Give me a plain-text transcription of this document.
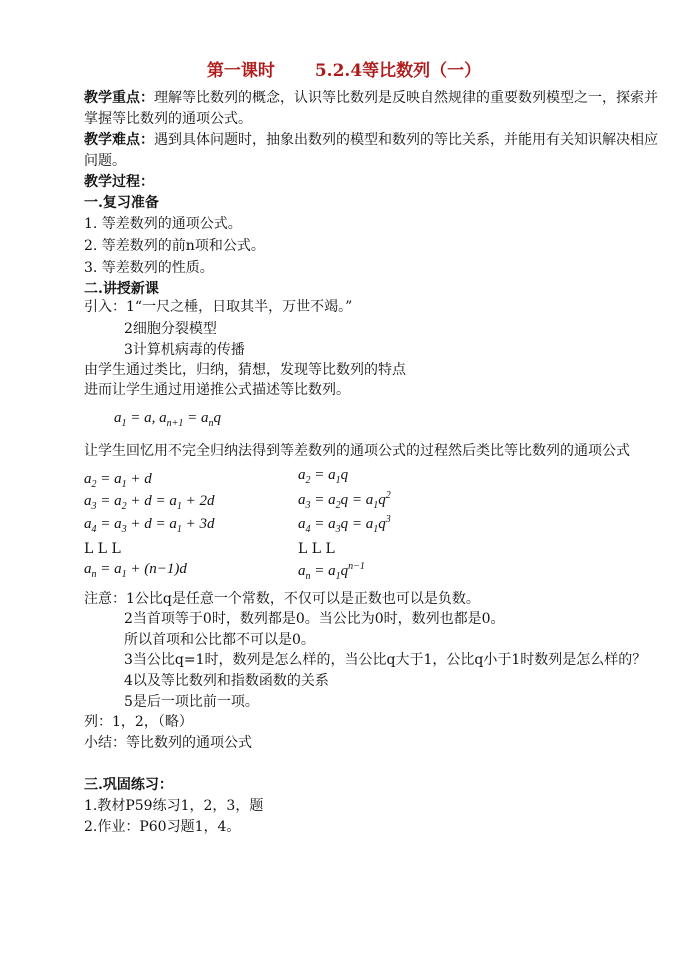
第一课时 5.2.4等比数列（一）
教学重点：理解等比数列的概念，认识等比数列是反映自然规律的重要数列模型之一，探索并
掌握等比数列的通项公式。
教学难点：遇到具体问题时，抽象出数列的模型和数列的等比关系，并能用有关知识解决相应
问题。
教学过程：
一.复习准备
1. 等差数列的通项公式。
2. 等差数列的前n项和公式。
3. 等差数列的性质。
二.讲授新课
引入：1“一尺之棰，日取其半，万世不竭。”
2细胞分裂模型
3计算机病毒的传播
由学生通过类比，归纳，猜想，发现等比数列的特点
进而让学生通过用递推公式描述等比数列。
$a_1 = a$, $a_{n+1} = a_nq$
让学生回忆用不完全归纳法得到等差数列的通项公式的过程然后类比等比数列的通项公式
$a_2 = a_1 + d$
$a_3 = a_2 + d = a_1 + 2d$
$a_4 = a_3 + d = a_1 + 3d$
L L L
$a_n = a_1 + (n-1)d$
$a_2 = a_1q$
$a_3 = a_2q = a_1q^2$
$a_4 = a_3q = a_1q^3$
L L L
$a_n = a_1q^{n-1}$
注意：1公比q是任意一个常数，不仅可以是正数也可以是负数。
2当首项等于0时，数列都是0。当公比为0时，数列也都是0。
所以首项和公比都不可以是0。
3当公比q=1时，数列是怎么样的，当公比q大于1，公比q小于1时数列是怎么样的？
4以及等比数列和指数函数的关系
5是后一项比前一项。
列：1，2，（略）
小结：等比数列的通项公式
三.巩固练习：
1.教材P59练习1，2，3，题
2.作业：P60习题1，4。
